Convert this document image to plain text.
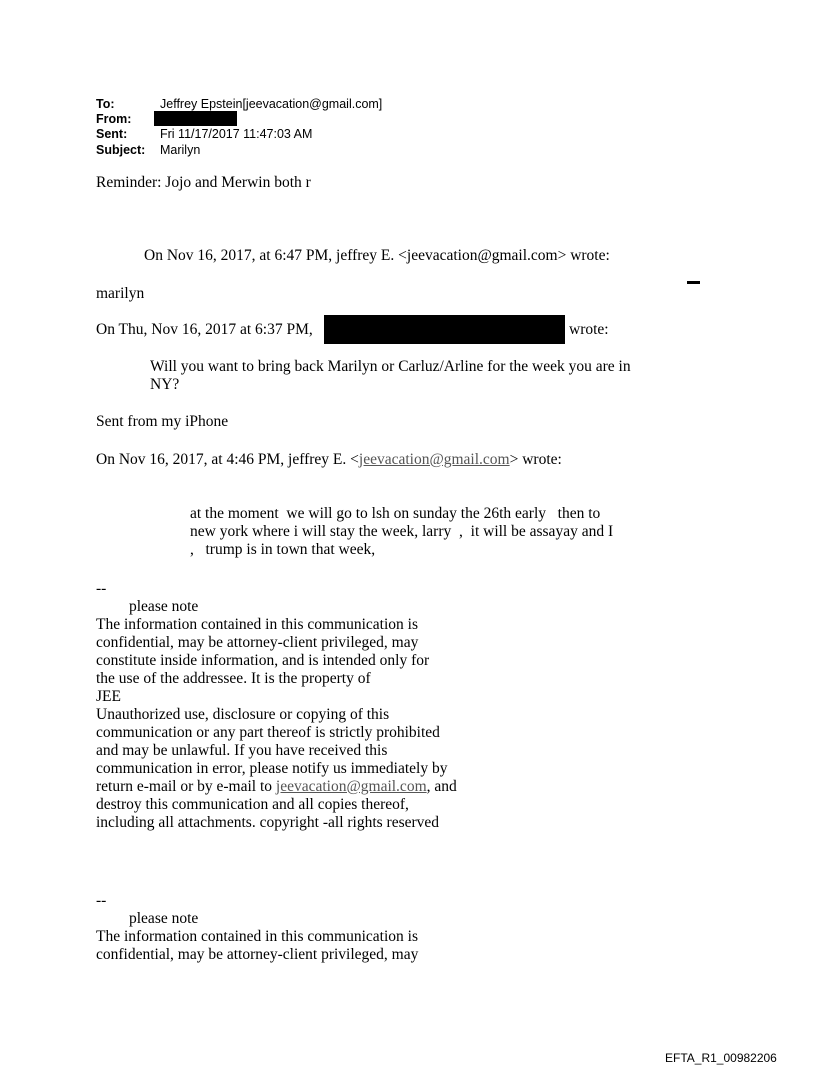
To:	Jeffrey Epstein[jeevacation@gmail.com]
From:
Sent:	Fri 11/17/2017 11:47:03 AM
Subject: Marilyn
Reminder: Jojo and Merwin both r
On Nov 16, 2017, at 6:47 PM, jeffrey E. <jeevacation@gmail.com> wrote:
marilyn
On Thu, Nov 16, 2017 at 6:37 PM,	wrote:
Will you want to bring back Marilyn or Carluz/Arline for the week you are in
NY?
Sent from my iPhone
On Nov 16, 2017, at 4:46 PM, jeffrey E. <jeevacation@gmail.com> wrote:
at the moment  we will go to lsh on sunday the 26th early   then to
new york where i will stay the week, larry  ,  it will be assayay and I
,   trump is in town that week,
--
please note
The information contained in this communication is
confidential, may be attorney-client privileged, may
constitute inside information, and is intended only for
the use of the addressee. It is the property of
JEE
Unauthorized use, disclosure or copying of this
communication or any part thereof is strictly prohibited
and may be unlawful. If you have received this
communication in error, please notify us immediately by
return e-mail or by e-mail to jeevacation@gmail.com, and
destroy this communication and all copies thereof,
including all attachments. copyright -all rights reserved
--
please note
The information contained in this communication is
confidential, may be attorney-client privileged, may
EFTA_R1_00982206
